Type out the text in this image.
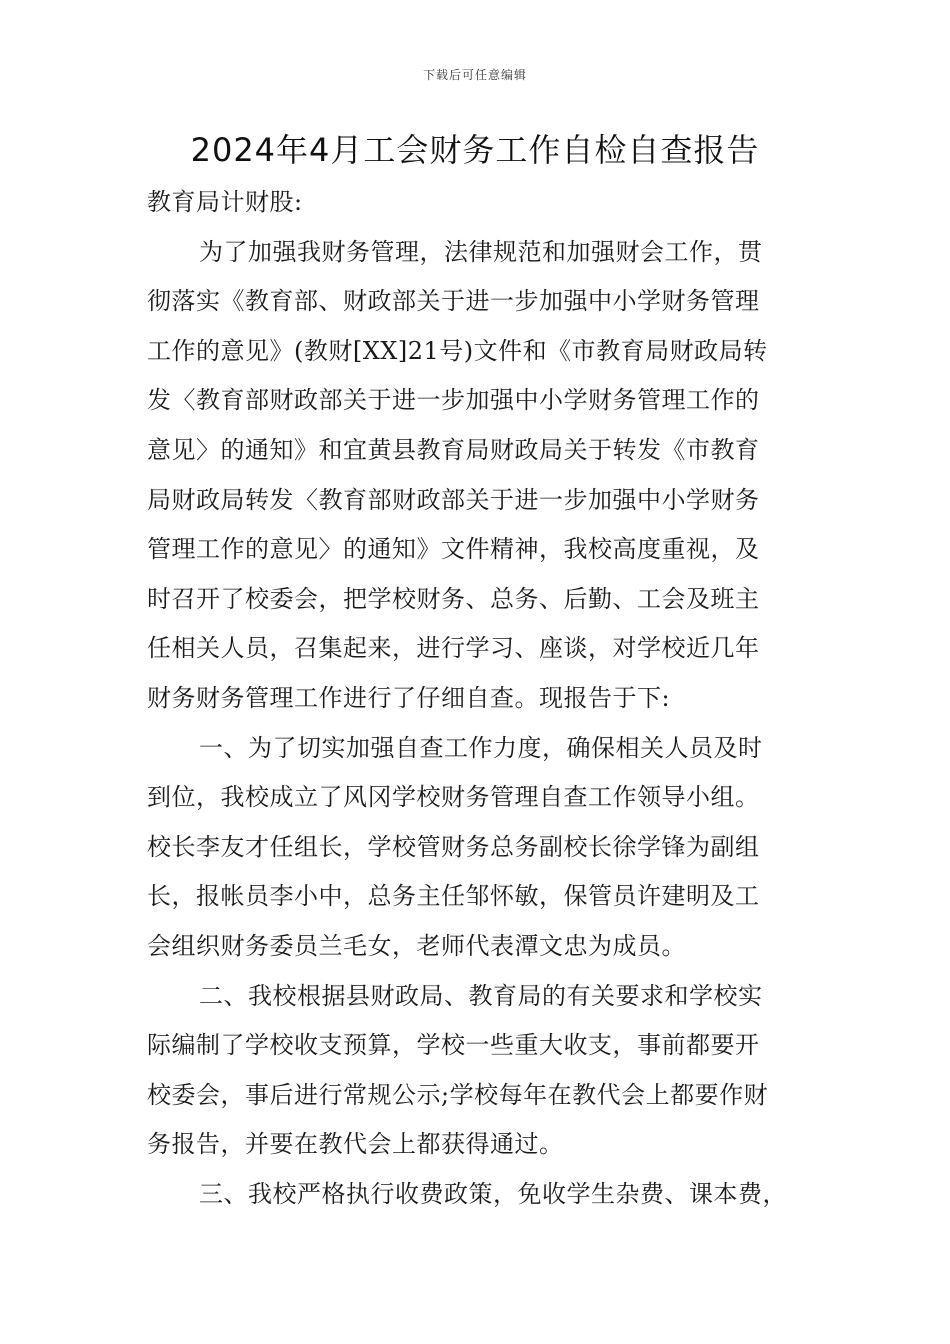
下载后可任意编辑
2024年4月工会财务工作自检自查报告
教育局计财股:
为了加强我财务管理，法律规范和加强财会工作，贯
彻落实《教育部、财政部关于进一步加强中小学财务管理
工作的意见》(教财[XX]21号)文件和《市教育局财政局转
发〈教育部财政部关于进一步加强中小学财务管理工作的
意见〉的通知》和宜黄县教育局财政局关于转发《市教育
局财政局转发〈教育部财政部关于进一步加强中小学财务
管理工作的意见〉的通知》文件精神，我校高度重视，及
时召开了校委会，把学校财务、总务、后勤、工会及班主
任相关人员，召集起来，进行学习、座谈，对学校近几年
财务财务管理工作进行了仔细自查。现报告于下:
一、为了切实加强自查工作力度，确保相关人员及时
到位，我校成立了风冈学校财务管理自查工作领导小组。
校长李友才任组长，学校管财务总务副校长徐学锋为副组
长，报帐员李小中，总务主任邹怀敏，保管员许建明及工
会组织财务委员兰毛女，老师代表潭文忠为成员。
二、我校根据县财政局、教育局的有关要求和学校实
际编制了学校收支预算，学校一些重大收支，事前都要开
校委会，事后进行常规公示;学校每年在教代会上都要作财
务报告，并要在教代会上都获得通过。
三、我校严格执行收费政策，免收学生杂费、课本费，
